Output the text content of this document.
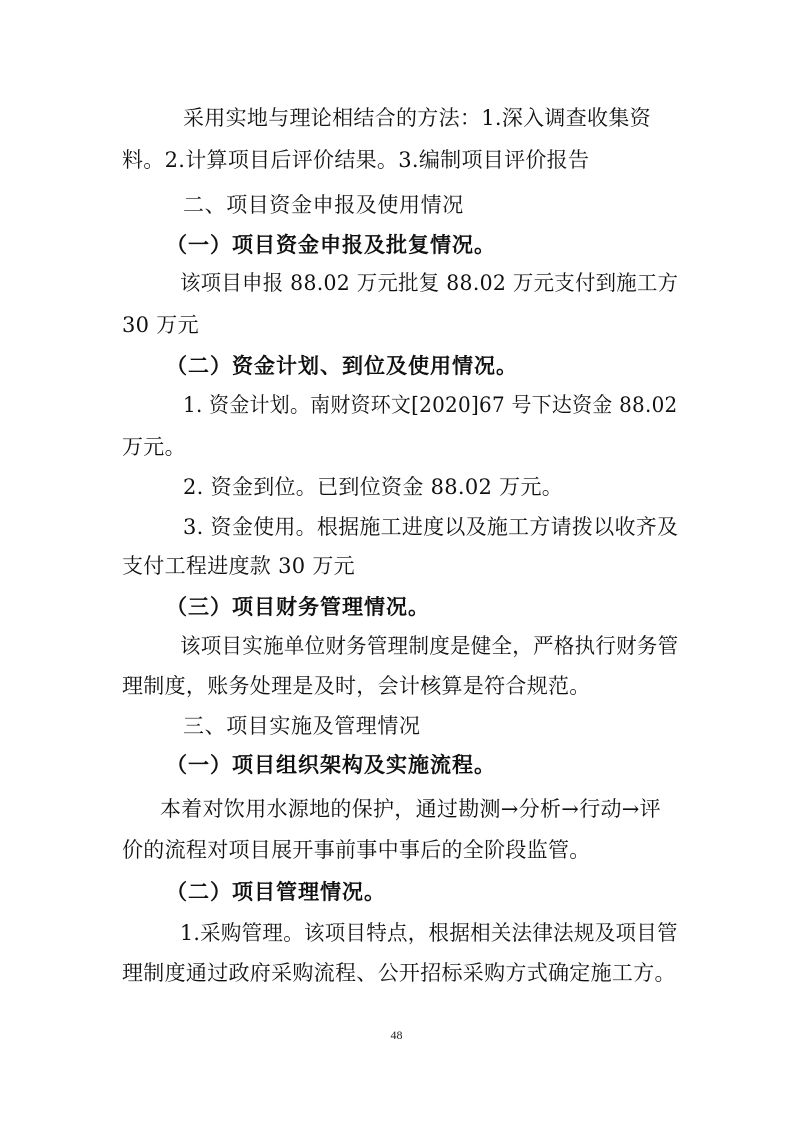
采用实地与理论相结合的方法：1.深入调查收集资
料。2.计算项目后评价结果。3.编制项目评价报告
二、项目资金申报及使用情况
（一）项目资金申报及批复情况。
该项目申报 88.02 万元批复 88.02 万元支付到施工方
30 万元
（二）资金计划、到位及使用情况。
1. 资金计划。南财资环文[2020]67 号下达资金 88.02
万元。
2. 资金到位。已到位资金 88.02 万元。
3. 资金使用。根据施工进度以及施工方请拨以收齐及
支付工程进度款 30 万元
（三）项目财务管理情况。
该项目实施单位财务管理制度是健全，严格执行财务管
理制度，账务处理是及时，会计核算是符合规范。
三、项目实施及管理情况
（一）项目组织架构及实施流程。
本着对饮用水源地的保护，通过勘测→分析→行动→评
价的流程对项目展开事前事中事后的全阶段监管。
（二）项目管理情况。
1.采购管理。该项目特点，根据相关法律法规及项目管
理制度通过政府采购流程、公开招标采购方式确定施工方。
48
